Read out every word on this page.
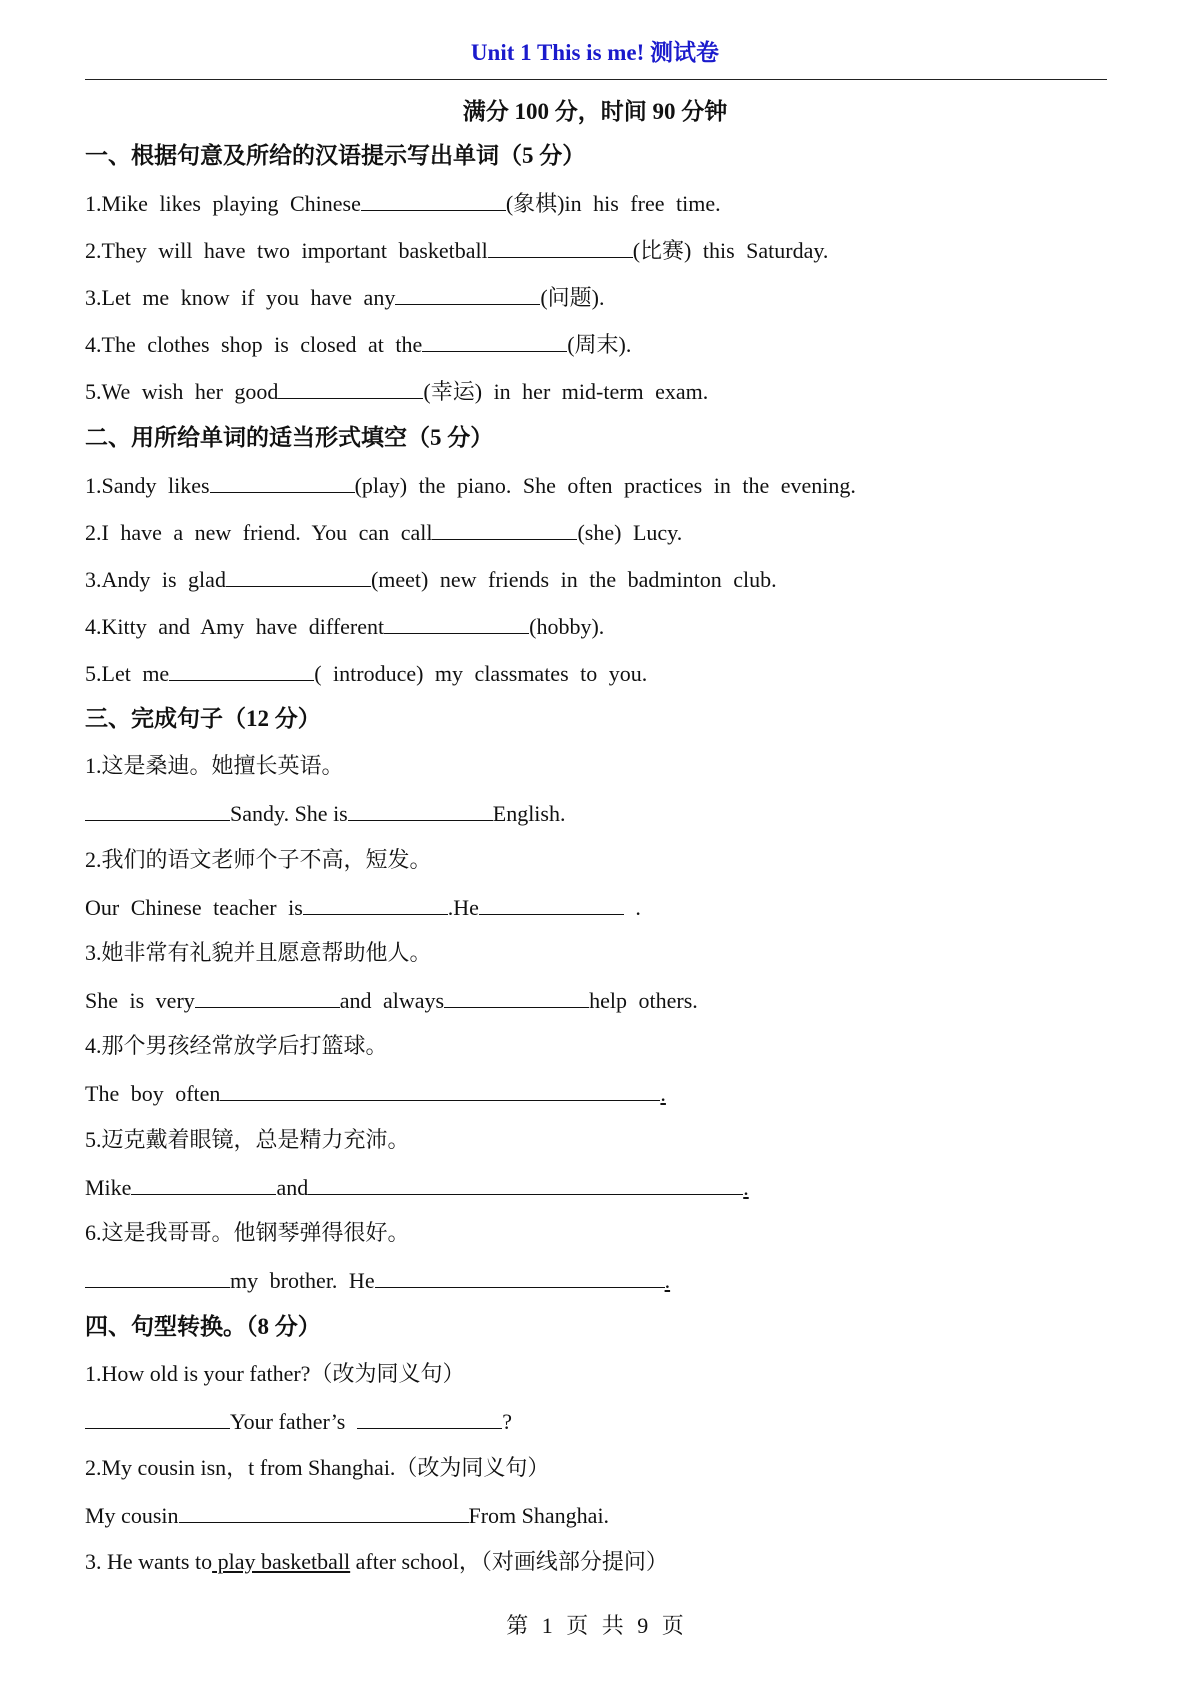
Unit 1 This is me! 测试卷
满分 100 分，时间 90 分钟
一、根据句意及所给的汉语提示写出单词（5 分）
1.Mike likes playing Chinese	(象棋)in his free time.
2.They will have two important basketball	(比赛) this Saturday.
3.Let me know if you have any	(问题).
4.The clothes shop is closed at the	(周末).
5.We wish her good	(幸运) in her mid-term exam.
二、用所给单词的适当形式填空（5 分）
1.Sandy likes	(play) the piano. She often practices in the evening.
2.I have a new friend. You can call	(she) Lucy.
3.Andy is glad	(meet) new friends in the badminton club.
4.Kitty and Amy have different	(hobby).
5.Let me	( introduce) my classmates to you.
三、完成句子（12 分）
1.这是桑迪。她擅长英语。
Sandy. She is	English.
2.我们的语文老师个子不高，短发。
Our Chinese teacher is	.He	.
3.她非常有礼貌并且愿意帮助他人。
She is very	and always	help others.
4.那个男孩经常放学后打篮球。
The boy often	.
5.迈克戴着眼镜，总是精力充沛。
Mike	and	.
6.这是我哥哥。他钢琴弹得很好。
my brother. He	.
四、句型转换。（8 分）
1.How old is your father?（改为同义句）
Your father’s	?
2.My cousin isn，t from Shanghai.（改为同义句）
My cousin	From Shanghai.
3. He wants to play basketball after school，（对画线部分提问）
第 1 页 共 9 页
